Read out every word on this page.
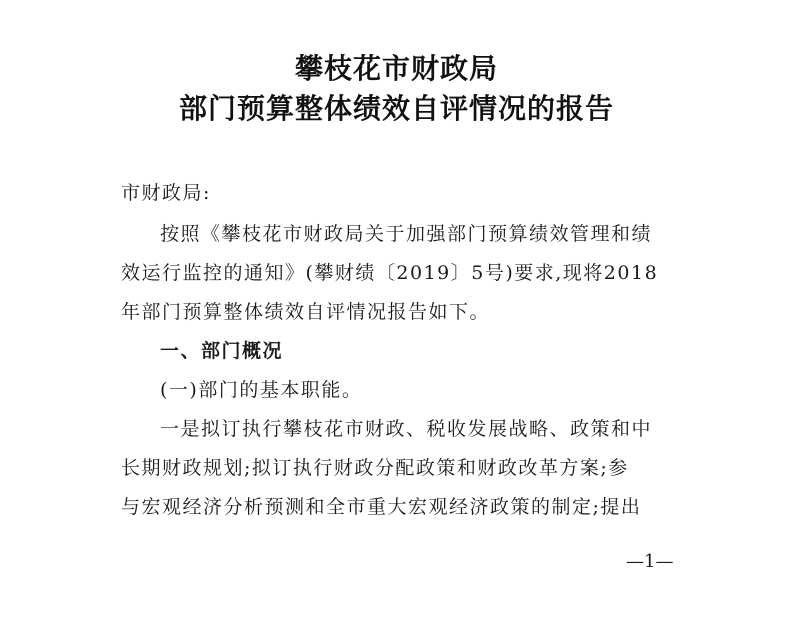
攀枝花市财政局
部门预算整体绩效自评情况的报告
市财政局:
按照《攀枝花市财政局关于加强部门预算绩效管理和绩
效运行监控的通知》(攀财绩〔2019〕5号)要求,现将2018
年部门预算整体绩效自评情况报告如下。
一、部门概况
(一)部门的基本职能。
一是拟订执行攀枝花市财政、税收发展战略、政策和中
长期财政规划;拟订执行财政分配政策和财政改革方案;参
与宏观经济分析预测和全市重大宏观经济政策的制定;提出
—1—
